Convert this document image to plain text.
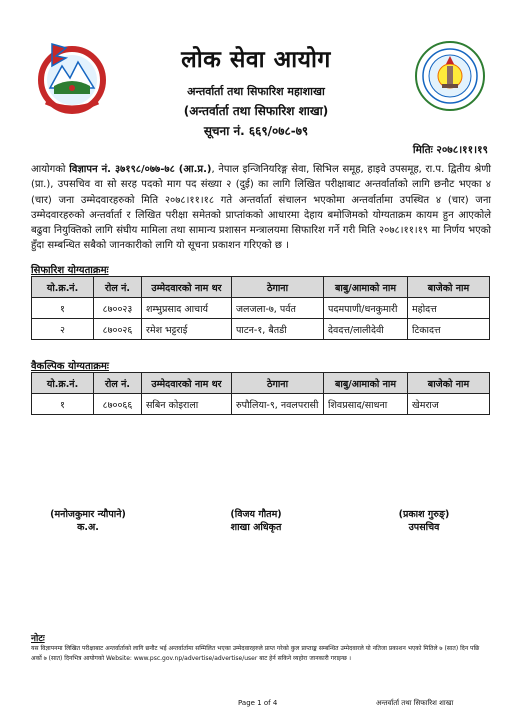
लोक सेवा आयोग
अन्तर्वार्ता तथा सिफारिश महाशाखा
(अन्तर्वार्ता तथा सिफारिश शाखा)
सूचना नं. ६६९/०७८-७९
मितिः २०७८।११।१९
आयोगको विज्ञापन नं. ३७१९८/०७७-७८ (आ.प्र.), नेपाल इन्जिनियरिङ्ग सेवा, सिभिल समूह, हाइवे उपसमूह, रा.प. द्वितीय श्रेणी (प्रा.), उपसचिव वा सो सरह पदको माग पद संख्या २ (दुई) का लागि लिखित परीक्षाबाट अन्तर्वार्ताको लागि छनौट भएका ४ (चार) जना उम्मेदवारहरुको मिति २०७८।११।१८ गते अन्तर्वार्ता संचालन भएकोमा अन्तर्वार्तामा उपस्थित ४ (चार) जना उम्मेदवारहरुको अन्तर्वार्ता र लिखित परीक्षा समेतको प्राप्तांकको आधारमा देहाय बमोजिमको योग्यताक्रम कायम हुन आएकोले बढुवा नियुक्तिको लागि संघीय मामिला तथा सामान्य प्रशासन मन्त्रालयमा सिफारिश गर्ने गरी मिति २०७८।११।१९ मा निर्णय भएको हुँदा सम्बन्धित सबैको जानकारीको लागि यो सूचना प्रकाशन गरिएको छ ।
सिफारिश योग्यताक्रमः
यो.क्र.नं.	रोल नं.	उम्मेदवारको नाम थर	ठेगाना	बाबु/आमाको नाम	बाजेको नाम
१	८७००२३	शम्भुप्रसाद आचार्य	जलजला-७, पर्वत	पदमपाणी/धनकुमारी	महोदत्त
२	८७००२६	रमेश भट्टराई	पाटन-१, बैतडी	देवदत्त/लालीदेवी	टिकादत्त
वैकल्पिक योग्यताक्रमः
यो.क्र.नं.	रोल नं.	उम्मेदवारको नाम थर	ठेगाना	बाबु/आमाको नाम	बाजेको नाम
१	८७००६६	सबिन कोइराला	रुपौलिया-९, नवलपरासी	शिवप्रसाद/साधना	खेमराज
(मनोजकुमार न्यौपाने)
क.अ.
(विजय गौतम)
शाखा अधिकृत
(प्रकाश गुरुङ्)
उपसचिव
नोटः
यस विज्ञापनमा लिखित परीक्षाबाट अन्तर्वार्ताको लागि छनौट भई अन्तर्वार्तामा सम्मिलित भएका उम्मेदवारहरुले प्राप्त गरेको कुल प्राप्ताङ्क सम्बन्धित उम्मेदवारले यो नतिजा प्रकाशन भएको मितिले ७ (सात) दिन पछि अर्को ७ (सात) दिनभित्र आयोगको Website: www.psc.gov.np/advertise/advertise/user बाट हेर्न सकिने व्यहोरा जानकारी गराइन्छ ।
Page 1 of 4	अन्तर्वार्ता तथा सिफारिश शाखा
